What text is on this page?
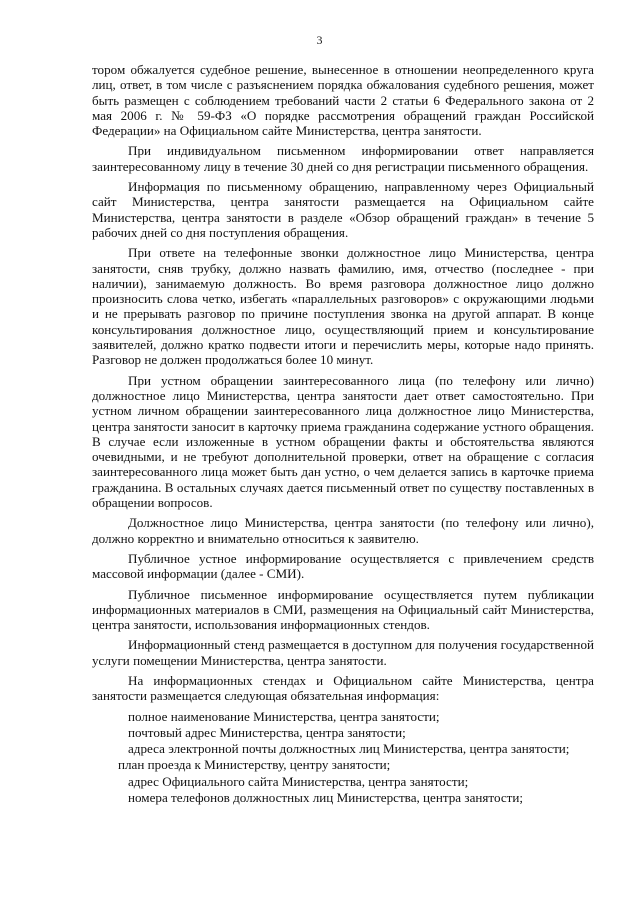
3

тором обжалуется судебное решение, вынесенное в отношении неопределенного круга лиц, ответ, в том числе с разъяснением порядка обжалования судебного решения, может быть размещен с соблюдением требований части 2 статьи 6 Федерального закона от 2 мая 2006 г. № 59-ФЗ «О порядке рассмотрения обращений граждан Российской Федерации» на Официальном сайте Министерства, центра занятости.

При индивидуальном письменном информировании ответ направляется заинтересованному лицу в течение 30 дней со дня регистрации письменного обращения.

Информация по письменному обращению, направленному через Официальный сайт Министерства, центра занятости размещается на Официальном сайте Министерства, центра занятости в разделе «Обзор обращений граждан» в течение 5 рабочих дней со дня поступления обращения.

При ответе на телефонные звонки должностное лицо Министерства, центра занятости, сняв трубку, должно назвать фамилию, имя, отчество (последнее - при наличии), занимаемую должность. Во время разговора должностное лицо должно произносить слова четко, избегать «параллельных разговоров» с окружающими людьми и не прерывать разговор по причине поступления звонка на другой аппарат. В конце консультирования должностное лицо, осуществляющий прием и консультирование заявителей, должно кратко подвести итоги и перечислить меры, которые надо принять. Разговор не должен продолжаться более 10 минут.

При устном обращении заинтересованного лица (по телефону или лично) должностное лицо Министерства, центра занятости дает ответ самостоятельно. При устном личном обращении заинтересованного лица должностное лицо Министерства, центра занятости заносит в карточку приема гражданина содержание устного обращения. В случае если изложенные в устном обращении факты и обстоятельства являются очевидными, и не требуют дополнительной проверки, ответ на обращение с согласия заинтересованного лица может быть дан устно, о чем делается запись в карточке приема гражданина. В остальных случаях дается письменный ответ по существу поставленных в обращении вопросов.

Должностное лицо Министерства, центра занятости (по телефону или лично), должно корректно и внимательно относиться к заявителю.

Публичное устное информирование осуществляется с привлечением средств массовой информации (далее - СМИ).

Публичное письменное информирование осуществляется путем публикации информационных материалов в СМИ, размещения на Официальный сайт Министерства, центра занятости, использования информационных стендов.

Информационный стенд размещается в доступном для получения государственной услуги помещении Министерства, центра занятости.

На информационных стендах и Официальном сайте Министерства, центра занятости размещается следующая обязательная информация:

полное наименование Министерства, центра занятости;

почтовый адрес Министерства, центра занятости;

адреса электронной почты должностных лиц Министерства, центра занятости;

план проезда к Министерству, центру занятости;

адрес Официального сайта Министерства, центра занятости;

номера телефонов должностных лиц Министерства, центра занятости;
